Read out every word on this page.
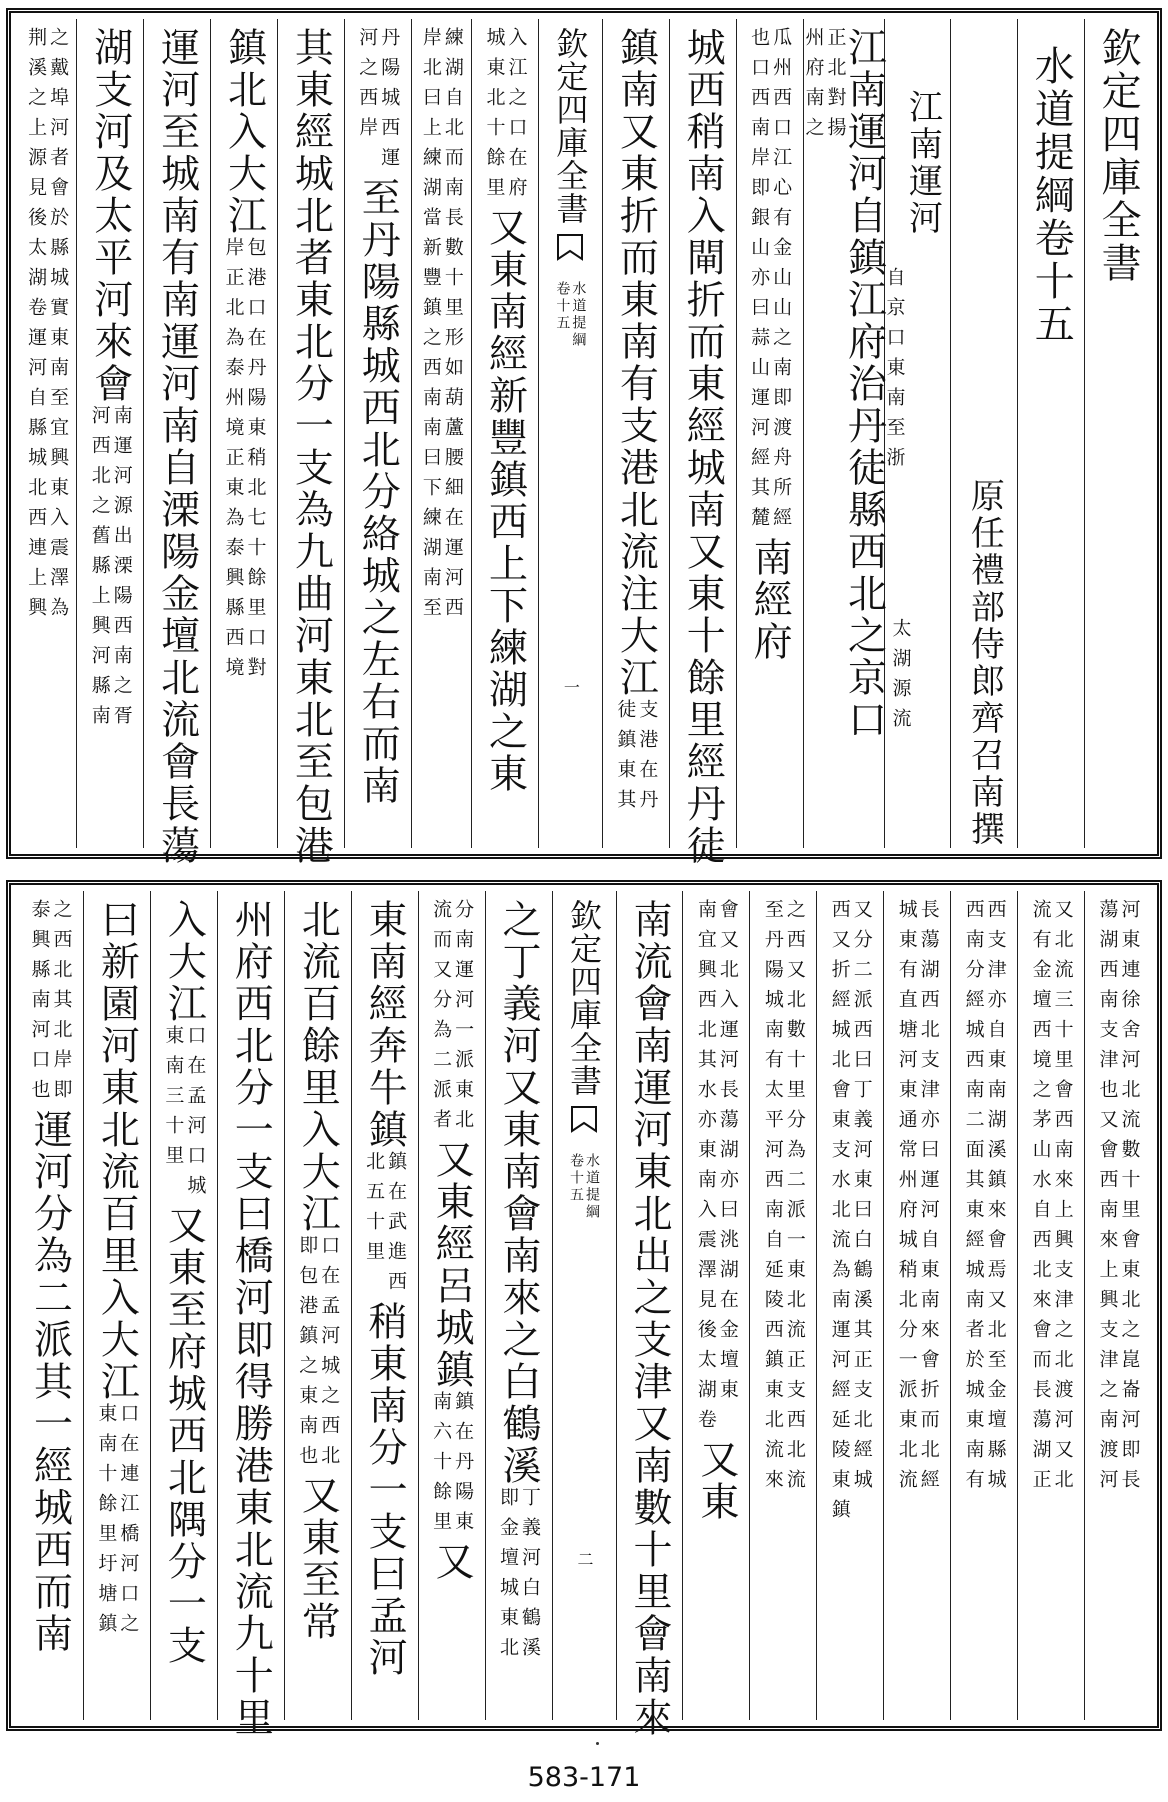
欽定四庫全書
水道提綱卷十五
原任禮部侍郎齊召南撰
江南運河
自京口東南至浙
太湖源流
江南運河自鎮江府治丹徒縣西北之京口
正北對揚
州府南之
瓜州西口江心有金山山之南即渡舟所經
也口西南岸即銀山亦曰蒜山運河經其麓
南經府
城西稍南入閘折而東經城南又東十餘里經丹徒
鎮南又東折而東南有支港北流注大江
支港在丹
徒鎮東其
欽定四庫全書
水道提綱
卷十五
一
入江之口在府
城東北十餘里
又東南經新豐鎮西上下練湖之東
練湖自北而南長數十里形如葫蘆腰細在運河西
岸北曰上練湖當新豐鎮之西南南曰下練湖南至
丹陽城西運
河之西岸
至丹陽縣城西北分絡城之左右而南
其東經城北者東北分一支為九曲河東北至包港
鎮北入大江
包港口在丹陽東稍北七十餘里口對
岸正北為泰州境正東為泰興縣西境
運河至城南有南運河南自溧陽金壇北流會長蕩
湖支河及太平河來會
南運河源出溧陽西南之胥
河西北之舊縣上興河縣南
之戴埠河者會於縣城實東南至宜興東入震澤為
荆溪之上源見後太湖卷運河自縣城北西連上興
河東連徐舍河北流數十里會東北之崑崙河即長
蕩湖西南支津也又會西南來上興支津之南渡河
又北流三十里會西南來上興支津之北渡河又北
流有金壇西境之茅山水自西北來會而長蕩湖正
西支津亦自東南湖溪鎮來會焉又北至金壇縣城
西南分經城西南二面其東經城南者於城東南有
長蕩湖西北支津亦曰運河自東南來會折而北經
城東有直塘河東通常州府城稍北分一派東北流
又分二派西曰丁義河東曰白鶴溪其正支北經城
西又折經城北會東支水北流為南運河經延陵東鎮
之西又北數十里分為二派一東北流正支西北流
至丹陽城南有太平河西南自延陵西鎮東北流來
會又北入運河長蕩湖亦曰洮湖在金壇東
南宜興西北其水亦東南入震澤見後太湖卷
又東
南流會南運河東北出之支津又南數十里會南來
欽定四庫全書
水道提綱
卷十五
二
之丁義河又東南會南來之白鶴溪
丁義河白鶴溪
即金壇城東北
分南運河一派東北
流而又分為二派者
又東經呂城鎮
鎮在丹陽東
南六十餘里
又
東南經奔牛鎮
鎮在武進西
北五十里
稍東南分一支曰孟河
北流百餘里入大江
口在孟河城之西北
即包港鎮之東南也
又東至常
州府西北分一支曰橋河即得勝港東北流九十里
入大江
口在孟河口城
東南三十里
又東至府城西北隅分一支
曰新園河東北流百里入大江
口在連江橋河口之
東南十餘里圩塘鎮
之西北其北岸即
泰興縣南河口也
運河分為二派其一經城西而南
583-171
